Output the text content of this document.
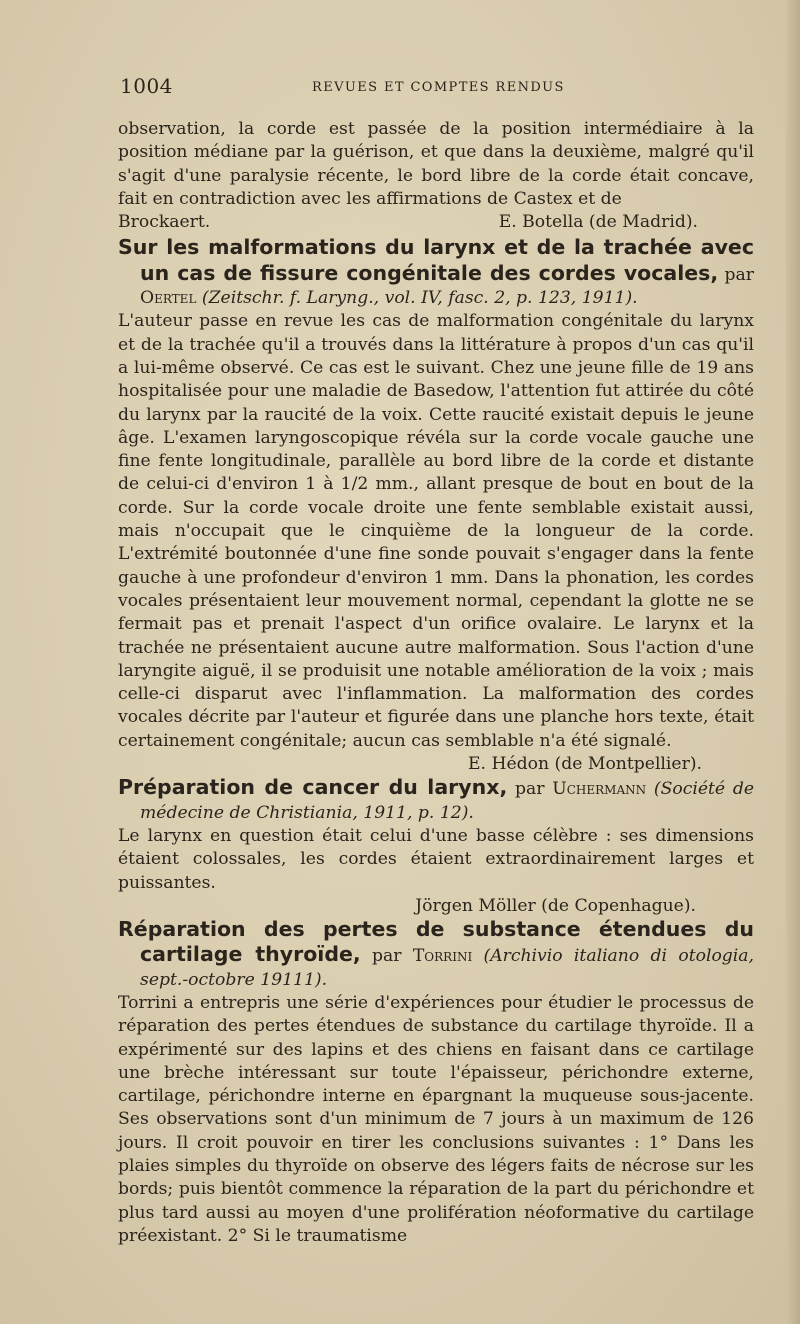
1004	REVUES ET COMPTES RENDUS

observation, la corde est passée de la position intermédiaire à la position médiane par la guérison, et que dans la deuxième, malgré qu'il s'agit d'une paralysie récente, le bord libre de la corde était concave, fait en contradiction avec les affirmations de Castex et de

Brockaert.	E. Botella (de Madrid).

Sur les malformations du larynx et de la trachée avec un cas de fissure congénitale des cordes vocales, par Oertel (Zeitschr. f. Laryng., vol. IV, fasc. 2, p. 123, 1911).

L'auteur passe en revue les cas de malformation congénitale du larynx et de la trachée qu'il a trouvés dans la littérature à propos d'un cas qu'il a lui-même observé. Ce cas est le suivant. Chez une jeune fille de 19 ans hospitalisée pour une maladie de Basedow, l'attention fut attirée du côté du larynx par la raucité de la voix. Cette raucité existait depuis le jeune âge. L'examen laryngoscopique révéla sur la corde vocale gauche une fine fente longitudinale, parallèle au bord libre de la corde et distante de celui-ci d'environ 1 à 1/2 mm., allant presque de bout en bout de la corde. Sur la corde vocale droite une fente semblable existait aussi, mais n'occupait que le cinquième de la longueur de la corde. L'extrémité boutonnée d'une fine sonde pouvait s'engager dans la fente gauche à une profondeur d'environ 1 mm. Dans la phonation, les cordes vocales présentaient leur mouvement normal, cependant la glotte ne se fermait pas et prenait l'aspect d'un orifice ovalaire. Le larynx et la trachée ne présentaient aucune autre malformation. Sous l'action d'une laryngite aiguë, il se produisit une notable amélioration de la voix ; mais celle-ci disparut avec l'inflammation. La malformation des cordes vocales décrite par l'auteur et figurée dans une planche hors texte, était certainement congénitale; aucun cas semblable n'a été signalé.

E. Hédon (de Montpellier).

Préparation de cancer du larynx, par Uchermann (Société de médecine de Christiania, 1911, p. 12).

Le larynx en question était celui d'une basse célèbre : ses dimensions étaient colossales, les cordes étaient extraordinairement larges et puissantes.

Jörgen Möller (de Copenhague).

Réparation des pertes de substance étendues du cartilage thyroïde, par Torrini (Archivio italiano di otologia, sept.-octobre 19111).

Torrini a entrepris une série d'expériences pour étudier le processus de réparation des pertes étendues de substance du cartilage thyroïde. Il a expérimenté sur des lapins et des chiens en faisant dans ce cartilage une brèche intéressant sur toute l'épaisseur, périchondre externe, cartilage, périchondre interne en épargnant la muqueuse sous-jacente. Ses observations sont d'un minimum de 7 jours à un maximum de 126 jours. Il croit pouvoir en tirer les conclusions suivantes : 1° Dans les plaies simples du thyroïde on observe des légers faits de nécrose sur les bords; puis bientôt commence la réparation de la part du périchondre et plus tard aussi au moyen d'une prolifération néoformative du cartilage préexistant. 2° Si le traumatisme
